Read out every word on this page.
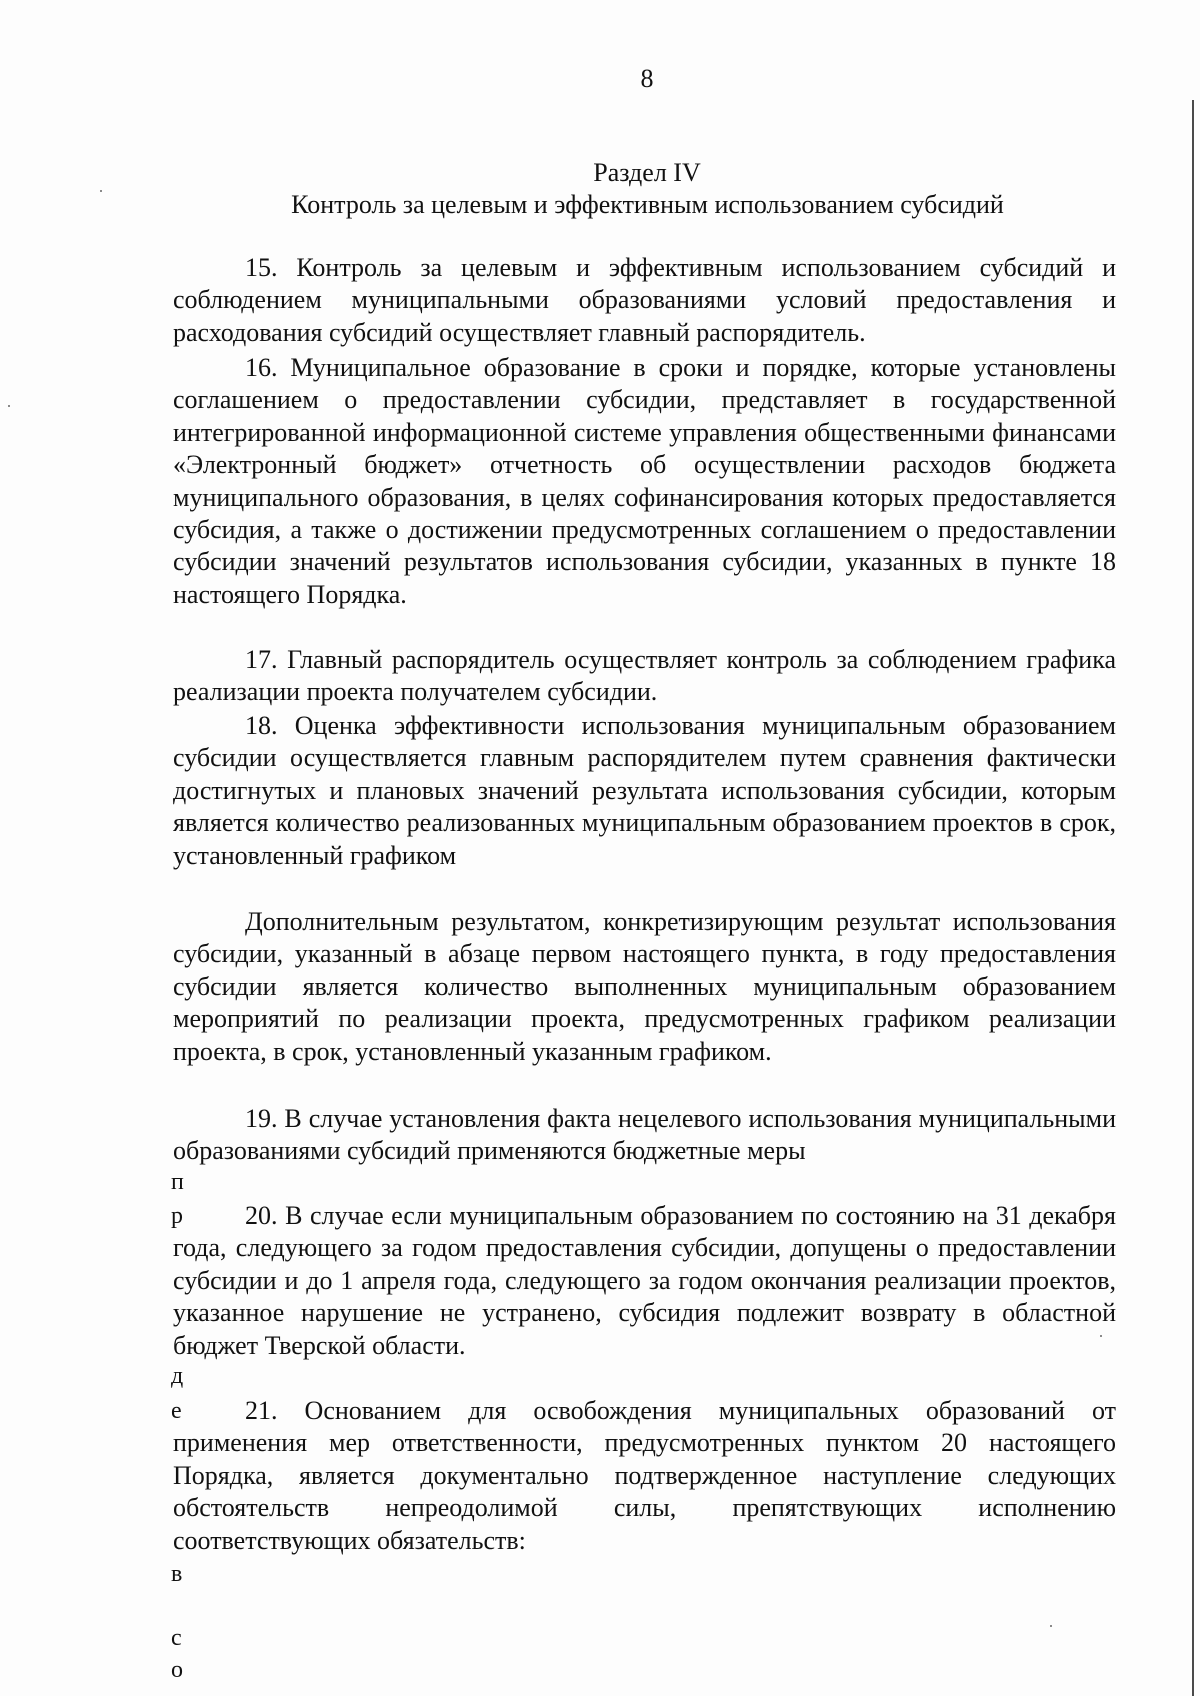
8
Раздел IV
Контроль за целевым и эффективным использованием субсидий
15. Контроль за целевым и эффективным использованием субсидий и соблюдением муниципальными образованиями условий предоставления и расходования субсидий осуществляет главный распорядитель.
16. Муниципальное образование в сроки и порядке, которые установлены соглашением о предоставлении субсидии, представляет в государственной интегрированной информационной системе управления общественными финансами «Электронный бюджет» отчетность об осуществлении расходов бюджета муниципального образования, в целях софинансирования которых предоставляется субсидия, а также о достижении предусмотренных соглашением о предоставлении субсидии значений результатов использования субсидии, указанных в пункте 18 настоящего Порядка.
17. Главный распорядитель осуществляет контроль за соблюдением графика реализации проекта получателем субсидии.
18. Оценка эффективности использования муниципальным образованием субсидии осуществляется главным распорядителем путем сравнения фактически достигнутых и плановых значений результата использования субсидии, которым является количество реализованных муниципальным образованием проектов в срок, установленный графиком
Дополнительным результатом, конкретизирующим результат использования субсидии, указанный в абзаце первом настоящего пункта, в году предоставления субсидии является количество выполненных муниципальным образованием мероприятий по реализации проекта, предусмотренных графиком реализации проекта, в срок, установленный указанным графиком.
19. В случае установления факта нецелевого использования муниципальными образованиями субсидий применяются бюджетные меры
п
р	20. В случае если муниципальным образованием по состоянию на 31 декабря года, следующего за годом предоставления субсидии, допущены о предоставлении субсидии и до 1 апреля года, следующего за годом окончания реализации проектов, указанное нарушение не устранено, субсидия подлежит возврату в областной бюджет Тверской области.
д
е	21. Основанием для освобождения муниципальных образований от применения мер ответственности, предусмотренных пунктом 20 настоящего Порядка, является документально подтвержденное наступление следующих обстоятельств непреодолимой силы, препятствующих исполнению соответствующих обязательств:
в
с
о
